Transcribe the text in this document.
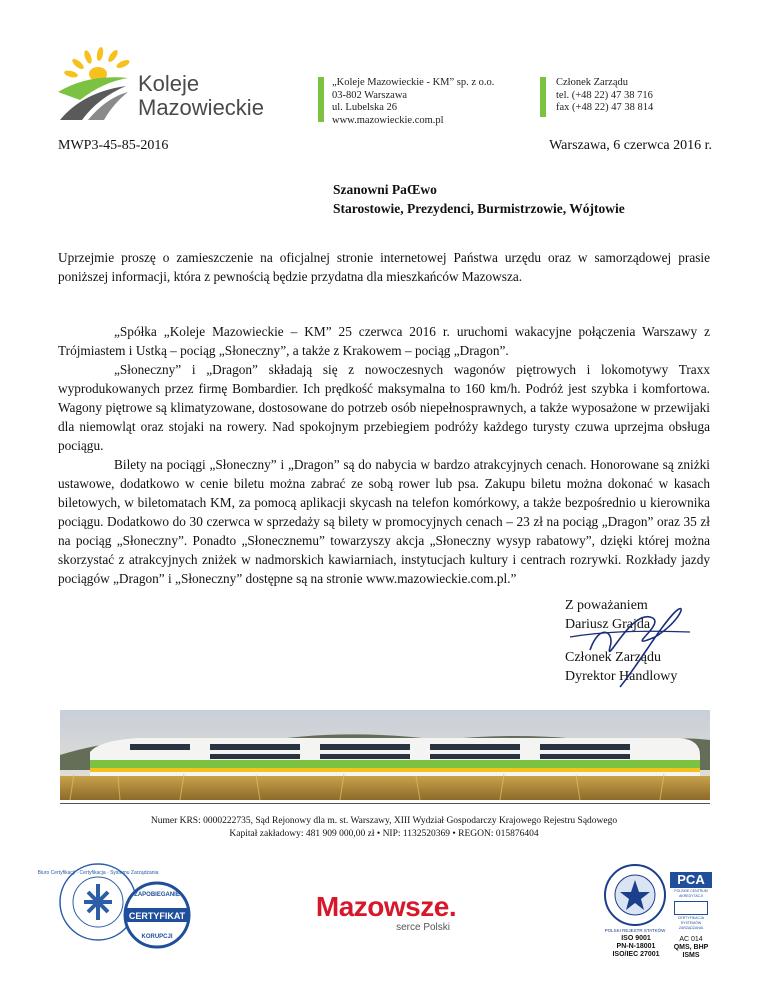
Koleje
Mazowieckie
„Koleje Mazowieckie - KM” sp. z o.o.
03-802 Warszawa
ul. Lubelska 26
www.mazowieckie.com.pl
Członek Zarządu
tel. (+48 22) 47 38 716
fax (+48 22) 47 38 814
MWP3-45-85-2016	Warszawa, 6 czerwca 2016 r.
Szanowni PaŒwo
Starostowie, Prezydenci, Burmistrzowie, Wójtowie

Uprzejmie proszę o zamieszczenie na oficjalnej stronie internetowej Państwa urzędu oraz w samorządowej prasie poniższej informacji, która z pewnością będzie przydatna dla mieszkańców Mazowsza.

„Spółka „Koleje Mazowieckie – KM” 25 czerwca 2016 r. uruchomi wakacyjne połączenia Warszawy z Trójmiastem i Ustką – pociąg „Słoneczny”, a także z Krakowem – pociąg „Dragon”.

„Słoneczny” i „Dragon” składają się z nowoczesnych wagonów piętrowych i lokomotywy Traxx wyprodukowanych przez firmę Bombardier. Ich prędkość maksymalna to 160 km/h. Podróż jest szybka i komfortowa. Wagony piętrowe są klimatyzowane, dostosowane do potrzeb osób niepełnosprawnych, a także wyposażone w przewijaki dla niemowląt oraz stojaki na rowery. Nad spokojnym przebiegiem podróży każdego turysty czuwa uprzejma obsługa pociągu.

Bilety na pociągi „Słoneczny” i „Dragon” są do nabycia w bardzo atrakcyjnych cenach. Honorowane są zniżki ustawowe, dodatkowo w cenie biletu można zabrać ze sobą rower lub psa. Zakupu biletu można dokonać w kasach biletowych, w biletomatach KM, za pomocą aplikacji skycash na telefon komórkowy, a także bezpośrednio u kierownika pociągu. Dodatkowo do 30 czerwca w sprzedaży są bilety w promocyjnych cenach – 23 zł na pociąg „Dragon” oraz 35 zł na pociąg „Słoneczny”. Ponadto „Słonecznemu” towarzyszy akcja „Słoneczny wysyp rabatowy”, dzięki której można skorzystać z atrakcyjnych zniżek w nadmorskich kawiarniach, instytucjach kultury i centrach rozrywki. Rozkłady jazdy pociągów „Dragon” i „Słoneczny” dostępne są na stronie www.mazowieckie.com.pl.”

Z poważaniem
Dariusz Grajda
Członek Zarządu
Dyrektor Handlowy
Numer KRS: 0000222735, Sąd Rejonowy dla m. st. Warszawy, XIII Wydział Gospodarczy Krajowego Rejestru Sądowego
Kapitał zakładowy: 481 909 000,00 zł • NIP: 1132520369 • REGON: 015876404
Biuro Certyfikacji · Certyfikacja · Systemu Zarządzania
ZAPOBIEGANIE
CERTYFIKAT
KORUPCJI
Mazowsze.
serce Polski	POLSKI REJESTR STATKÓW
ISO 9001
PN-N-18001
ISO/IEC 27001
PCA
POLSKIE CENTRUM AKREDYTACJI
CERTYFIKACJA SYSTEMÓW ZARZĄDZANIA
AC 014
QMS, BHP
ISMS
